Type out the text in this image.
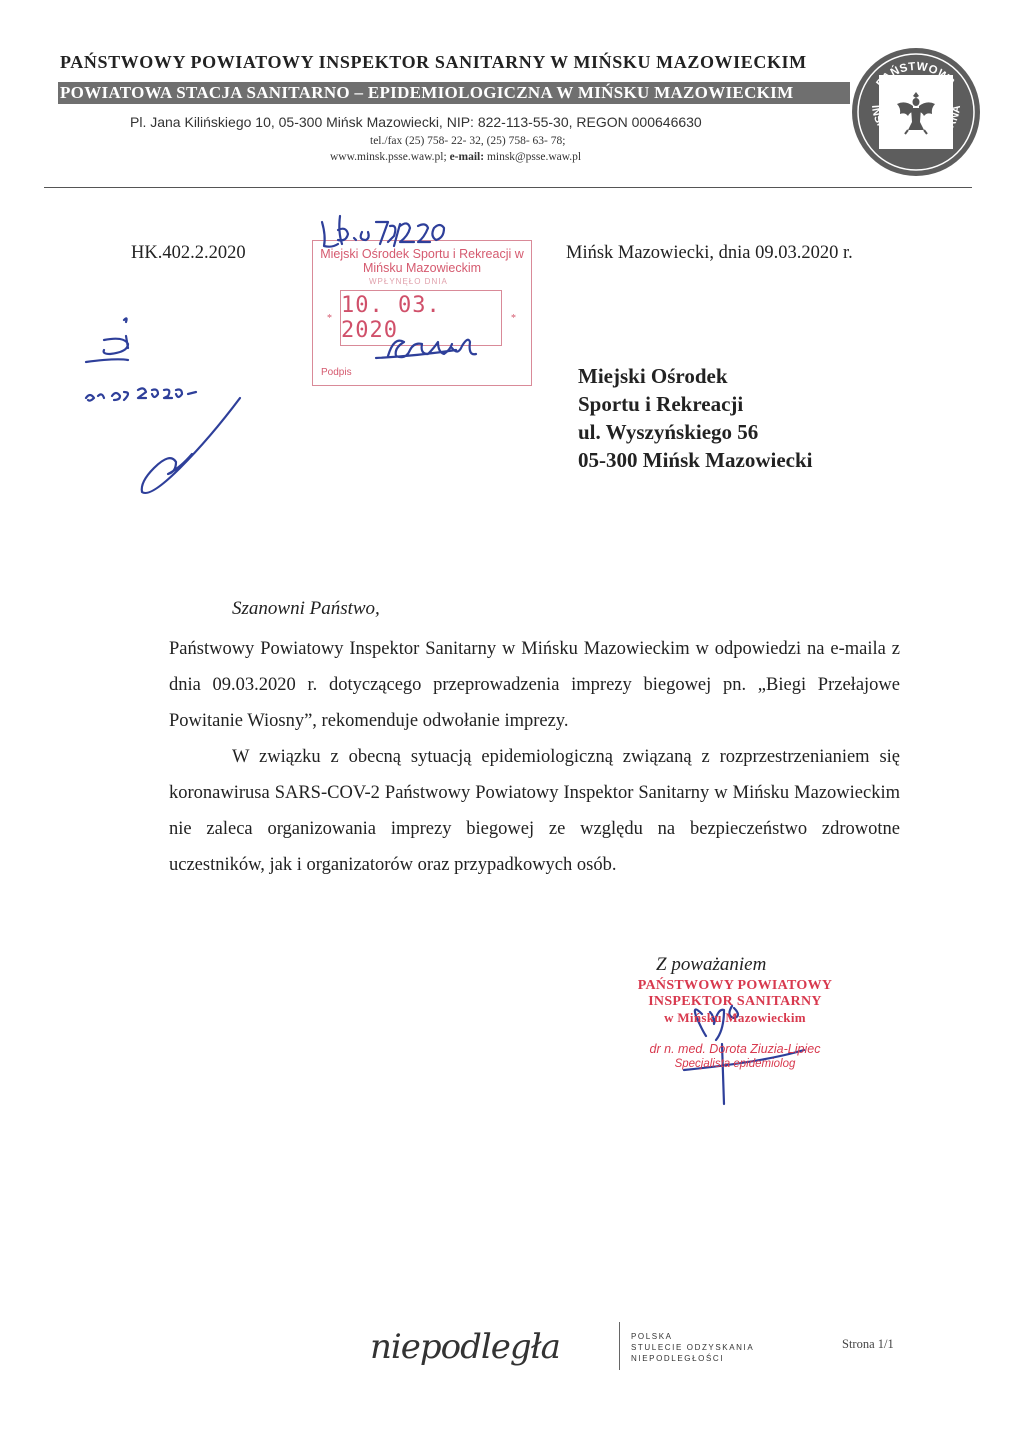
PAŃSTWOWY POWIATOWY INSPEKTOR SANITARNY W MIŃSKU MAZOWIECKIM
POWIATOWA STACJA SANITARNO – EPIDEMIOLOGICZNA W MIŃSKU MAZOWIECKIM
Pl. Jana Kilińskiego 10, 05-300 Mińsk Mazowiecki, NIP: 822-113-55-30, REGON 000646630
tel./fax (25) 758- 22- 32, (25) 758- 63- 78;
www.minsk.psse.waw.pl; e-mail: minsk@psse.waw.pl
PAŃSTWOWA
INSPEKCJA SANITARNA
HK.402.2.2020	Mińsk Mazowiecki, dnia 09.03.2020 r.
Miejski Ośrodek Sportu i Rekreacji w Mińsku Mazowieckim
WPŁYNĘŁO DNIA
10. 03. 2020
*	*
Podpis	Miejski Ośrodek
Sportu i Rekreacji
ul. Wyszyńskiego 56
05-300 Mińsk Mazowiecki
Szanowni Państwo,

Państwowy Powiatowy Inspektor Sanitarny w Mińsku Mazowieckim w odpowiedzi na e-maila z dnia 09.03.2020 r. dotyczącego przeprowadzenia imprezy biegowej pn. „Biegi Przełajowe Powitanie Wiosny”, rekomenduje odwołanie imprezy.

W związku z obecną sytuacją epidemiologiczną związaną z rozprzestrzenianiem się koronawirusa SARS-COV-2 Państwowy Powiatowy Inspektor Sanitarny w Mińsku Mazowieckim nie zaleca organizowania imprezy biegowej ze względu na bezpieczeństwo zdrowotne uczestników, jak i organizatorów oraz przypadkowych osób.

Z poważaniem
PAŃSTWOWY POWIATOWY
INSPEKTOR SANITARNY
w Mińsku Mazowieckim
dr n. med. Dorota Ziuzia-Lipiec
Specjalista epidemiolog
niepodległa	POLSKA
STULECIE ODZYSKANIA
NIEPODLEGŁOŚCI
Strona 1/1
